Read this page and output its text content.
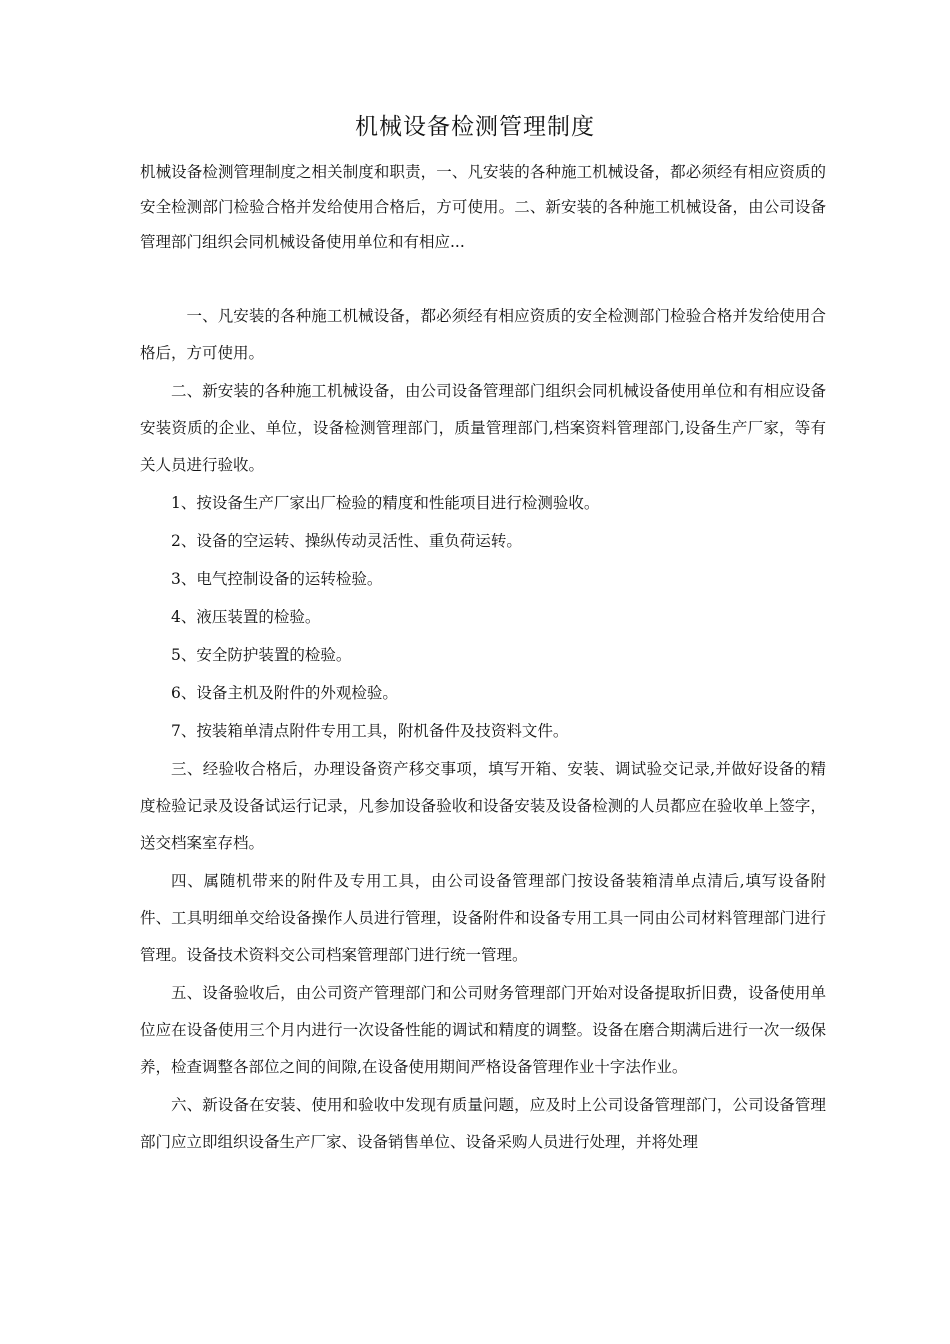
机械设备检测管理制度
机械设备检测管理制度之相关制度和职责，一、凡安装的各种施工机械设备，都必须经有相应资质的安全检测部门检验合格并发给使用合格后，方可使用。二、新安装的各种施工机械设备，由公司设备管理部门组织会同机械设备使用单位和有相应...

一、凡安装的各种施工机械设备，都必须经有相应资质的安全检测部门检验合格并发给使用合格后，方可使用。

二、新安装的各种施工机械设备，由公司设备管理部门组织会同机械设备使用单位和有相应设备安装资质的企业、单位，设备检测管理部门，质量管理部门,档案资料管理部门,设备生产厂家，等有关人员进行验收。

1、按设备生产厂家出厂检验的精度和性能项目进行检测验收。

2、设备的空运转、操纵传动灵活性、重负荷运转。

3、电气控制设备的运转检验。

4、液压装置的检验。

5、安全防护装置的检验。

6、设备主机及附件的外观检验。

7、按装箱单清点附件专用工具，附机备件及技资料文件。

三、经验收合格后，办理设备资产移交事项，填写开箱、安装、调试验交记录,并做好设备的精度检验记录及设备试运行记录，凡参加设备验收和设备安装及设备检测的人员都应在验收单上签字，送交档案室存档。

四、属随机带来的附件及专用工具，由公司设备管理部门按设备装箱清单点清后,填写设备附件、工具明细单交给设备操作人员进行管理，设备附件和设备专用工具一同由公司材料管理部门进行管理。设备技术资料交公司档案管理部门进行统一管理。

五、设备验收后，由公司资产管理部门和公司财务管理部门开始对设备提取折旧费，设备使用单位应在设备使用三个月内进行一次设备性能的调试和精度的调整。设备在磨合期满后进行一次一级保养，检查调整各部位之间的间隙,在设备使用期间严格设备管理作业十字法作业。

六、新设备在安装、使用和验收中发现有质量问题，应及时上公司设备管理部门，公司设备管理部门应立即组织设备生产厂家、设备销售单位、设备采购人员进行处理，并将处理
